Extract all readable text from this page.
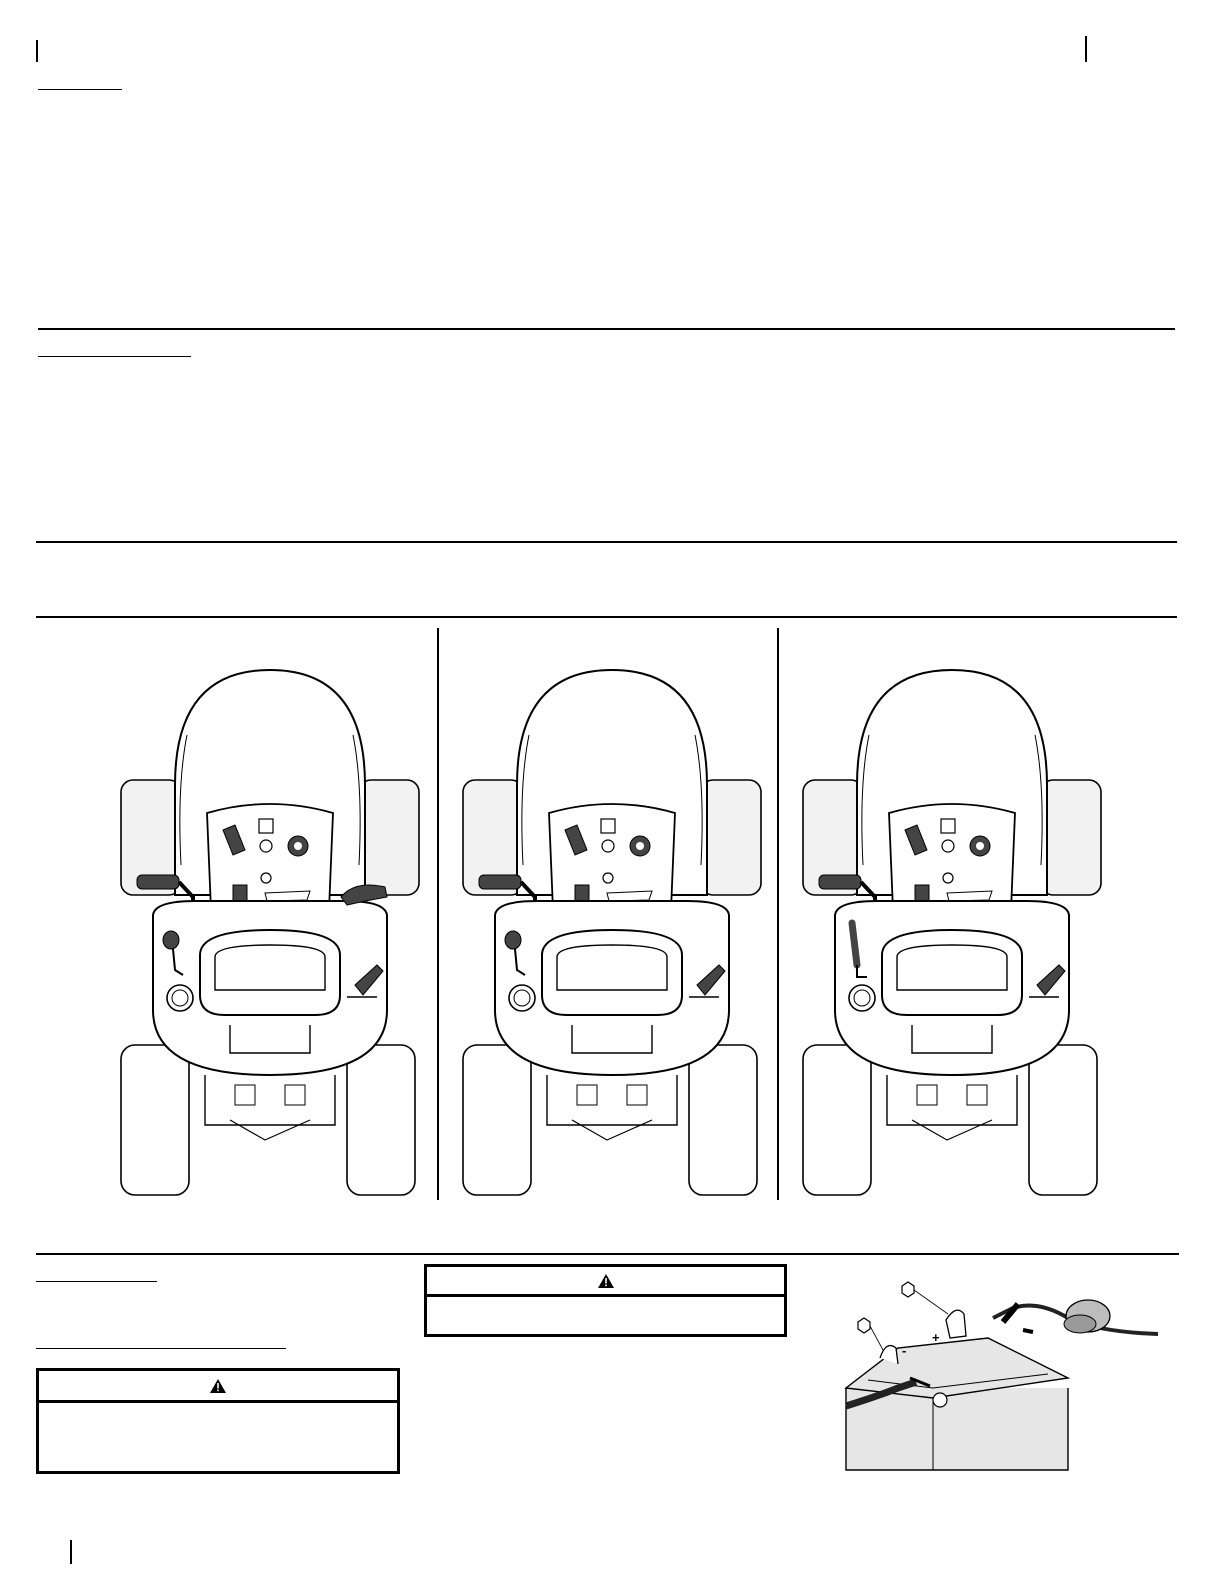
+
-
